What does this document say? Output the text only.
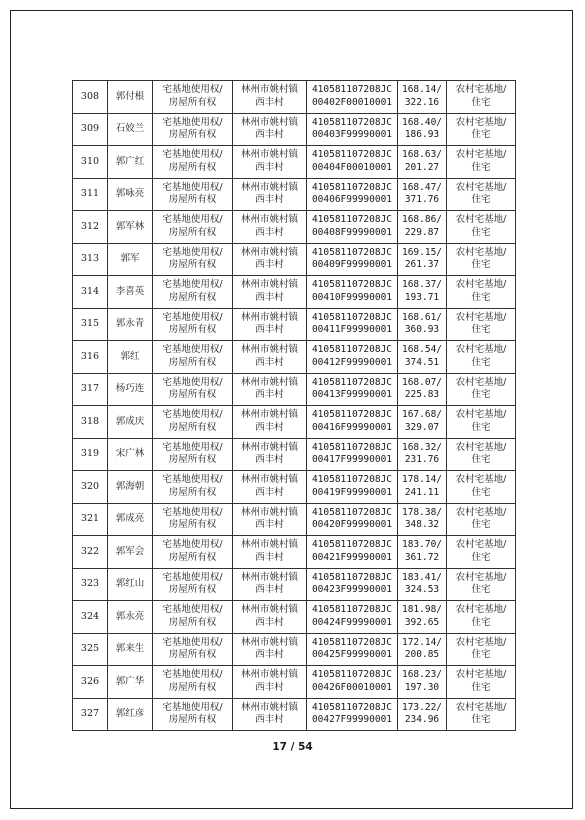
308	郭付根	宅基地使用权/
房屋所有权	林州市姚村镇
西丰村	410581107208JC
00402F00010001	168.14/
322.16	农村宅基地/
住宅

309	石姣兰	宅基地使用权/
房屋所有权	林州市姚村镇
西丰村	410581107208JC
00403F99990001	168.40/
186.93	农村宅基地/
住宅

310	郭广红	宅基地使用权/
房屋所有权	林州市姚村镇
西丰村	410581107208JC
00404F00010001	168.63/
201.27	农村宅基地/
住宅

311	郭咏亮	宅基地使用权/
房屋所有权	林州市姚村镇
西丰村	410581107208JC
00406F99990001	168.47/
371.76	农村宅基地/
住宅

312	郭军林	宅基地使用权/
房屋所有权	林州市姚村镇
西丰村	410581107208JC
00408F99990001	168.86/
229.87	农村宅基地/
住宅

313	郭军	宅基地使用权/
房屋所有权	林州市姚村镇
西丰村	410581107208JC
00409F99990001	169.15/
261.37	农村宅基地/
住宅

314	李喜英	宅基地使用权/
房屋所有权	林州市姚村镇
西丰村	410581107208JC
00410F99990001	168.37/
193.71	农村宅基地/
住宅

315	郭永青	宅基地使用权/
房屋所有权	林州市姚村镇
西丰村	410581107208JC
00411F99990001	168.61/
360.93	农村宅基地/
住宅

316	郭红	宅基地使用权/
房屋所有权	林州市姚村镇
西丰村	410581107208JC
00412F99990001	168.54/
374.51	农村宅基地/
住宅

317	杨巧连	宅基地使用权/
房屋所有权	林州市姚村镇
西丰村	410581107208JC
00413F99990001	168.07/
225.83	农村宅基地/
住宅

318	郭成庆	宅基地使用权/
房屋所有权	林州市姚村镇
西丰村	410581107208JC
00416F99990001	167.68/
329.07	农村宅基地/
住宅

319	宋广林	宅基地使用权/
房屋所有权	林州市姚村镇
西丰村	410581107208JC
00417F99990001	168.32/
231.76	农村宅基地/
住宅

320	郭海朝	宅基地使用权/
房屋所有权	林州市姚村镇
西丰村	410581107208JC
00419F99990001	178.14/
241.11	农村宅基地/
住宅

321	郭成亮	宅基地使用权/
房屋所有权	林州市姚村镇
西丰村	410581107208JC
00420F99990001	178.38/
348.32	农村宅基地/
住宅

322	郭军会	宅基地使用权/
房屋所有权	林州市姚村镇
西丰村	410581107208JC
00421F99990001	183.70/
361.72	农村宅基地/
住宅

323	郭红山	宅基地使用权/
房屋所有权	林州市姚村镇
西丰村	410581107208JC
00423F99990001	183.41/
324.53	农村宅基地/
住宅

324	郭永亮	宅基地使用权/
房屋所有权	林州市姚村镇
西丰村	410581107208JC
00424F99990001	181.98/
392.65	农村宅基地/
住宅

325	郭来生	宅基地使用权/
房屋所有权	林州市姚村镇
西丰村	410581107208JC
00425F99990001	172.14/
200.85	农村宅基地/
住宅

326	郭广华	宅基地使用权/
房屋所有权	林州市姚村镇
西丰村	410581107208JC
00426F00010001	168.23/
197.30	农村宅基地/
住宅

327	郭红彦	宅基地使用权/
房屋所有权	林州市姚村镇
西丰村	410581107208JC
00427F99990001	173.22/
234.96	农村宅基地/
住宅
17 / 54
